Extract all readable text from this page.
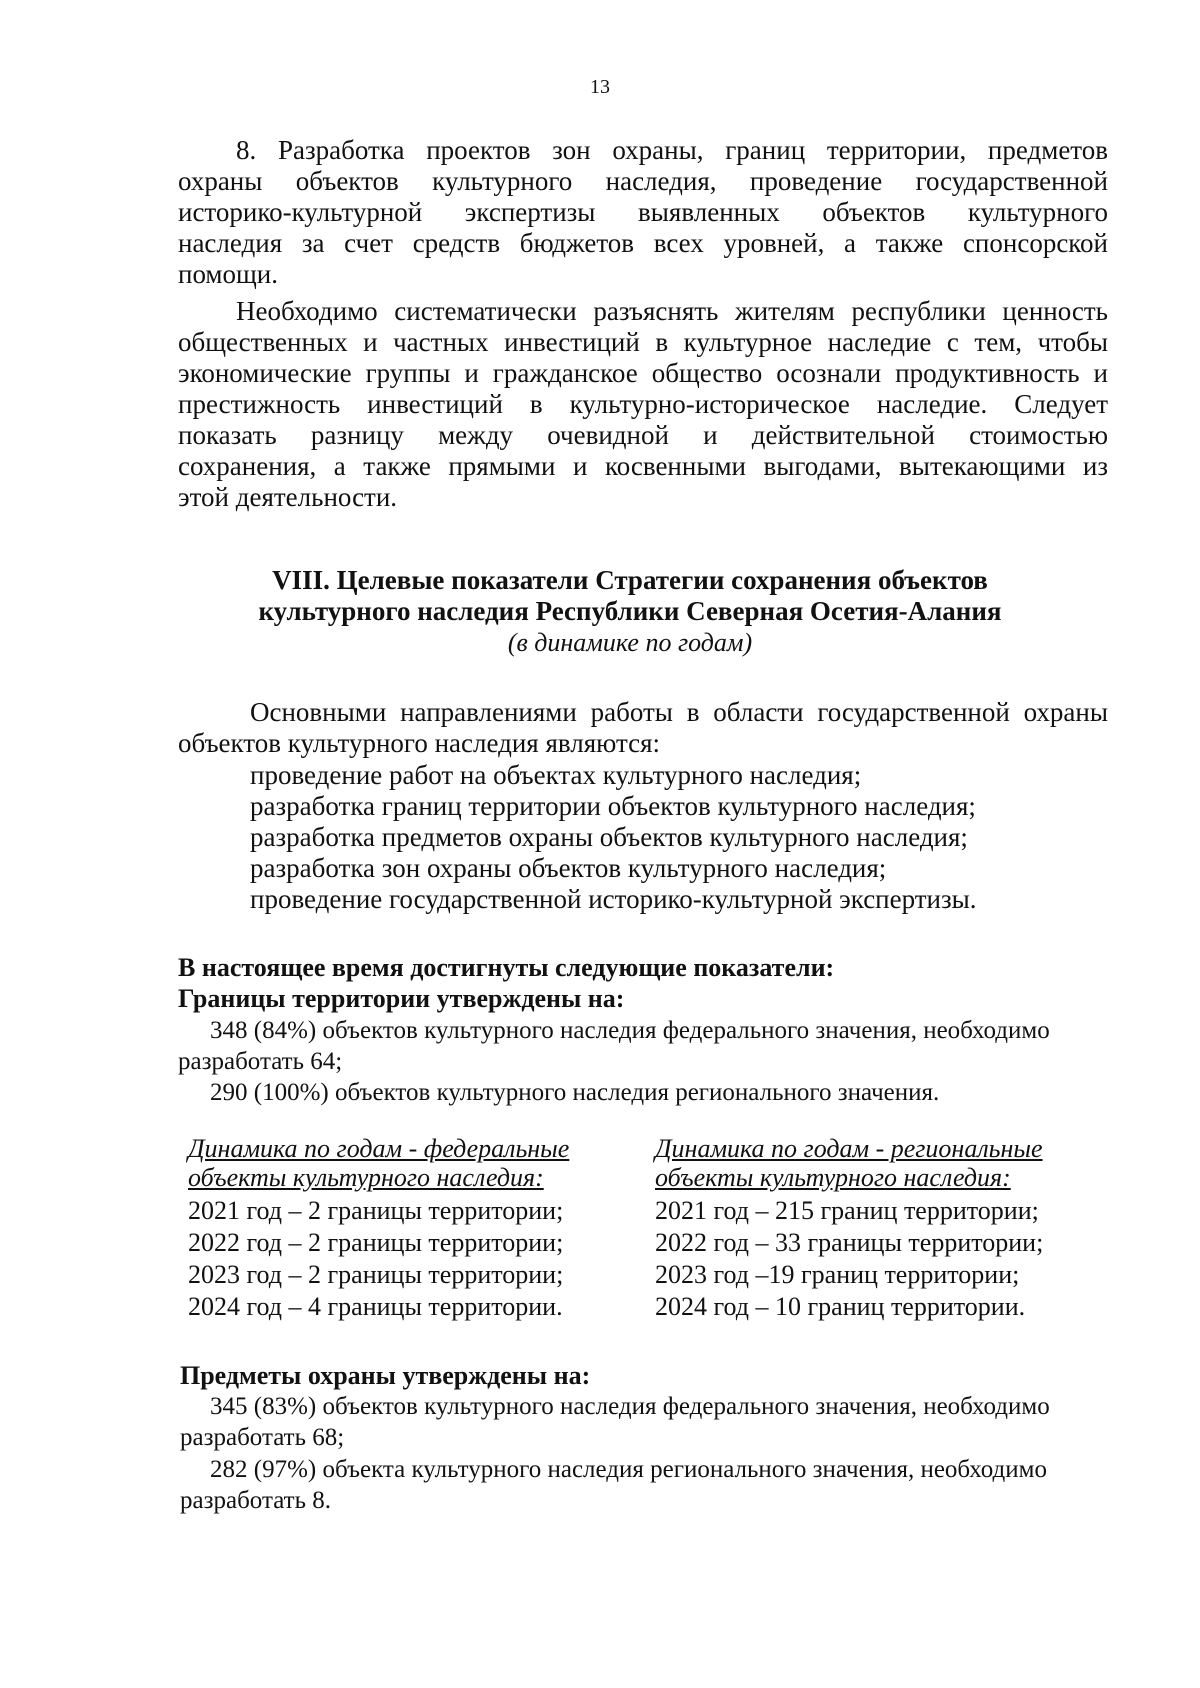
13
8. Разработка проектов зон охраны, границ территории, предметов
охраны объектов культурного наследия, проведение государственной
историко-культурной экспертизы выявленных объектов культурного
наследия за счет средств бюджетов всех уровней, а также спонсорской
помощи.
Необходимо систематически разъяснять жителям республики ценность
общественных и частных инвестиций в культурное наследие с тем, чтобы
экономические группы и гражданское общество осознали продуктивность и
престижность инвестиций в культурно-историческое наследие. Следует
показать разницу между очевидной и действительной стоимостью
сохранения, а также прямыми и косвенными выгодами, вытекающими из
этой деятельности.
VIII. Целевые показатели Стратегии сохранения объектов
культурного наследия Республики Северная Осетия-Алания
(в динамике по годам)
Основными направлениями работы в области государственной охраны
объектов культурного наследия являются:
проведение работ на объектах культурного наследия;
разработка границ территории объектов культурного наследия;
разработка предметов охраны объектов культурного наследия;
разработка зон охраны объектов культурного наследия;
проведение государственной историко-культурной экспертизы.
В настоящее время достигнуты следующие показатели:
Границы территории утверждены на:
348 (84%) объектов культурного наследия федерального значения, необходимо
разработать 64;
290 (100%) объектов культурного наследия регионального значения.
Динамика по годам - федеральные
объекты культурного наследия:
2021 год – 2 границы территории;
2022 год – 2 границы территории;
2023 год – 2 границы территории;
2024 год – 4 границы территории.
Динамика по годам - региональные
объекты культурного наследия:
2021 год – 215 границ территории;
2022 год – 33 границы территории;
2023 год –19 границ территории;
2024 год – 10 границ территории.
Предметы охраны утверждены на:
345 (83%) объектов культурного наследия федерального значения, необходимо
разработать 68;
282 (97%) объекта культурного наследия регионального значения, необходимо
разработать 8.
